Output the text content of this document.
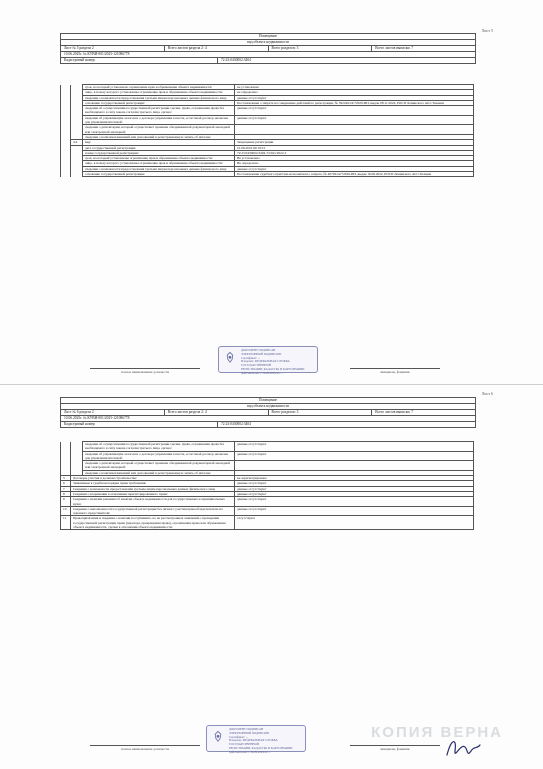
Лист 5
Помещение
вид объекта недвижимости
Лист № 5 раздела 2	Всего листов раздела 2: 4	Всего разделов: 3	Всего листов выписки: 7
10.06.2025г. № КУВИ-001/2025-121086778
Кадастровый номер:	72:23:0430002:3404
		срок, на который установлено ограничение прав и обременение объекта недвижимости:	не установлено
		лицо, в пользу которого установлены ограничение прав и обременение объекта недвижимости:	не определено
		сведения о возможности предоставления третьим лицам персональных данных физического лица	данные отсутствуют
		основание государственной регистрации:	Постановление о запрете на совершение действий по регистрации, № 392246/24/72029-ИП, выдан 08.11.2024, РОСП Ленинского АО г.Тюмени
		сведения об осуществлении государственной регистрации сделки, права, ограничения права без необходимого в силу закона согласия третьего лица, органа:	данные отсутствуют
		сведения об управляющем залогом и о договоре управления залогом, если такой договор заключен для управления ипотекой:	данные отсутствуют
		сведения о депозитарии, который осуществляет хранение обездвиженной документарной закладной или электронной закладной:	
		сведения о наличии изменений или дополнений в регистрационную запись об ипотеке:	
	4.4	вид:	Запрещение регистрации
		дата государственной регистрации:	21.09.2022 09:19:15
		номер государственной регистрации:	72:23:0430002:3404-72/041/2022-2
		срок, на который установлены ограничение прав и обременение объекта недвижимости:	Не установлено
		лицо, в пользу которого установлены ограничение прав и обременение объекта недвижимости:	Не определено
		сведения о возможности предоставления третьим лицам персональных данных физического лица	данные отсутствуют
		основание государственной регистрации:	Постановление судебного пристава-исполнителя о запрете, № 40729/22/72029-ИП, выдан 16.09.2022, РОСП Ленинского АО г.Тюмени
полное наименование должности
ДОКУМЕНТ ПОДПИСАН
ЭЛЕКТРОННОЙ ПОДПИСЬЮ
Сертификат: ...
Владелец: ФЕДЕРАЛЬНАЯ СЛУЖБА ГОСУДАРСТВЕННОЙ
РЕГИСТРАЦИИ, КАДАСТРА И КАРТОГРАФИИ
Действителен: с 26.09.2024 по ...	инициалы, фамилия
Лист 6
Помещение
вид объекта недвижимости
Лист № 6 раздела 2	Всего листов раздела 2: 4	Всего разделов: 3	Всего листов выписки: 7
10.06.2025г. № КУВИ-001/2025-121086778
Кадастровый номер:	72:23:0430002:3404
		сведения об осуществлении государственной регистрации сделки, права, ограничения права без необходимого в силу закона согласия третьего лица, органа:	данные отсутствуют
		сведения об управляющем залогом и о договоре управления залогом, если такой договор заключен для управления ипотекой:	данные отсутствуют
		сведения о депозитарии, который осуществляет хранение обездвиженной документарной закладной или электронной закладной:	
		сведения о наличии изменений или дополнений в регистрационную запись об ипотеке:	
5	Договоры участия в долевом строительстве:		не зарегистрировано
6	Заявленные в судебном порядке права требования:		данные отсутствуют
7	Сведения о возможности предоставления третьим лицам персональных данных физического лица		данные отсутствуют
8	Сведения о возражении в отношении зарегистрированного права:		данные отсутствуют
9	Сведения о наличии решения об изъятии объекта недвижимости для государственных и муниципальных нужд:		данные отсутствуют
10	Сведения о невозможности государственной регистрации без личного участия правообладателя или его законного представителя:		данные отсутствуют
11	Правопритязания и сведения о наличии поступивших, но не рассмотренных заявлений о проведении государственной регистрации права (перехода, прекращения права), ограничения права или обременения объекта недвижимости, сделки в отношении объекта недвижимости:		отсутствуют
полное наименование должности
ДОКУМЕНТ ПОДПИСАН
ЭЛЕКТРОННОЙ ПОДПИСЬЮ
Сертификат: ...
Владелец: ФЕДЕРАЛЬНАЯ СЛУЖБА ГОСУДАРСТВЕННОЙ
РЕГИСТРАЦИИ, КАДАСТРА И КАРТОГРАФИИ
Действителен: с 26.09.2024 по ...
инициалы, фамилия
КОПИЯ ВЕРНА
